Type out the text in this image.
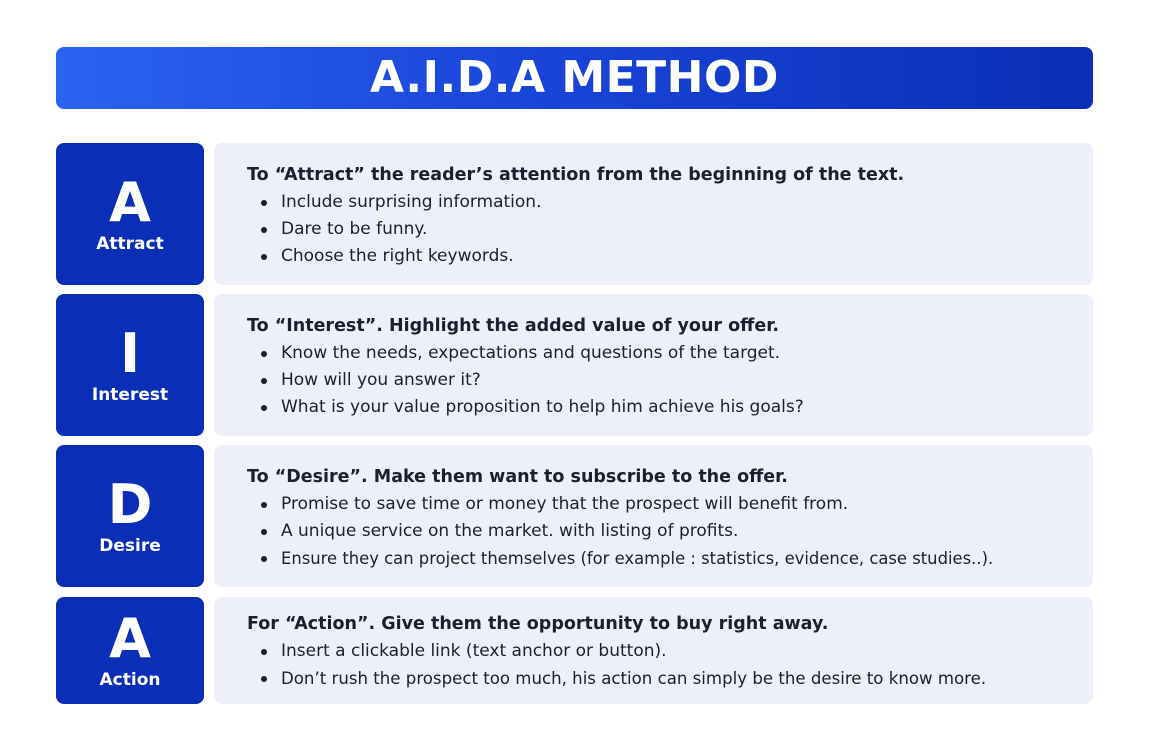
A.I.D.A METHOD
A
Attract

To “Attract” the reader’s attention from the beginning of the text.

Include surprising information.
Dare to be funny.
Choose the right keywords.
I
Interest

To “Interest”. Highlight the added value of your offer.

Know the needs, expectations and questions of the target.
How will you answer it?
What is your value proposition to help him achieve his goals?
D
Desire

To “Desire”. Make them want to subscribe to the offer.

Promise to save time or money that the prospect will benefit from.
A unique service on the market. with listing of profits.
Ensure they can project themselves (for example : statistics, evidence, case studies..).
A
Action

For “Action”. Give them the opportunity to buy right away.

Insert a clickable link (text anchor or button).
Don’t rush the prospect too much, his action can simply be the desire to know more.
